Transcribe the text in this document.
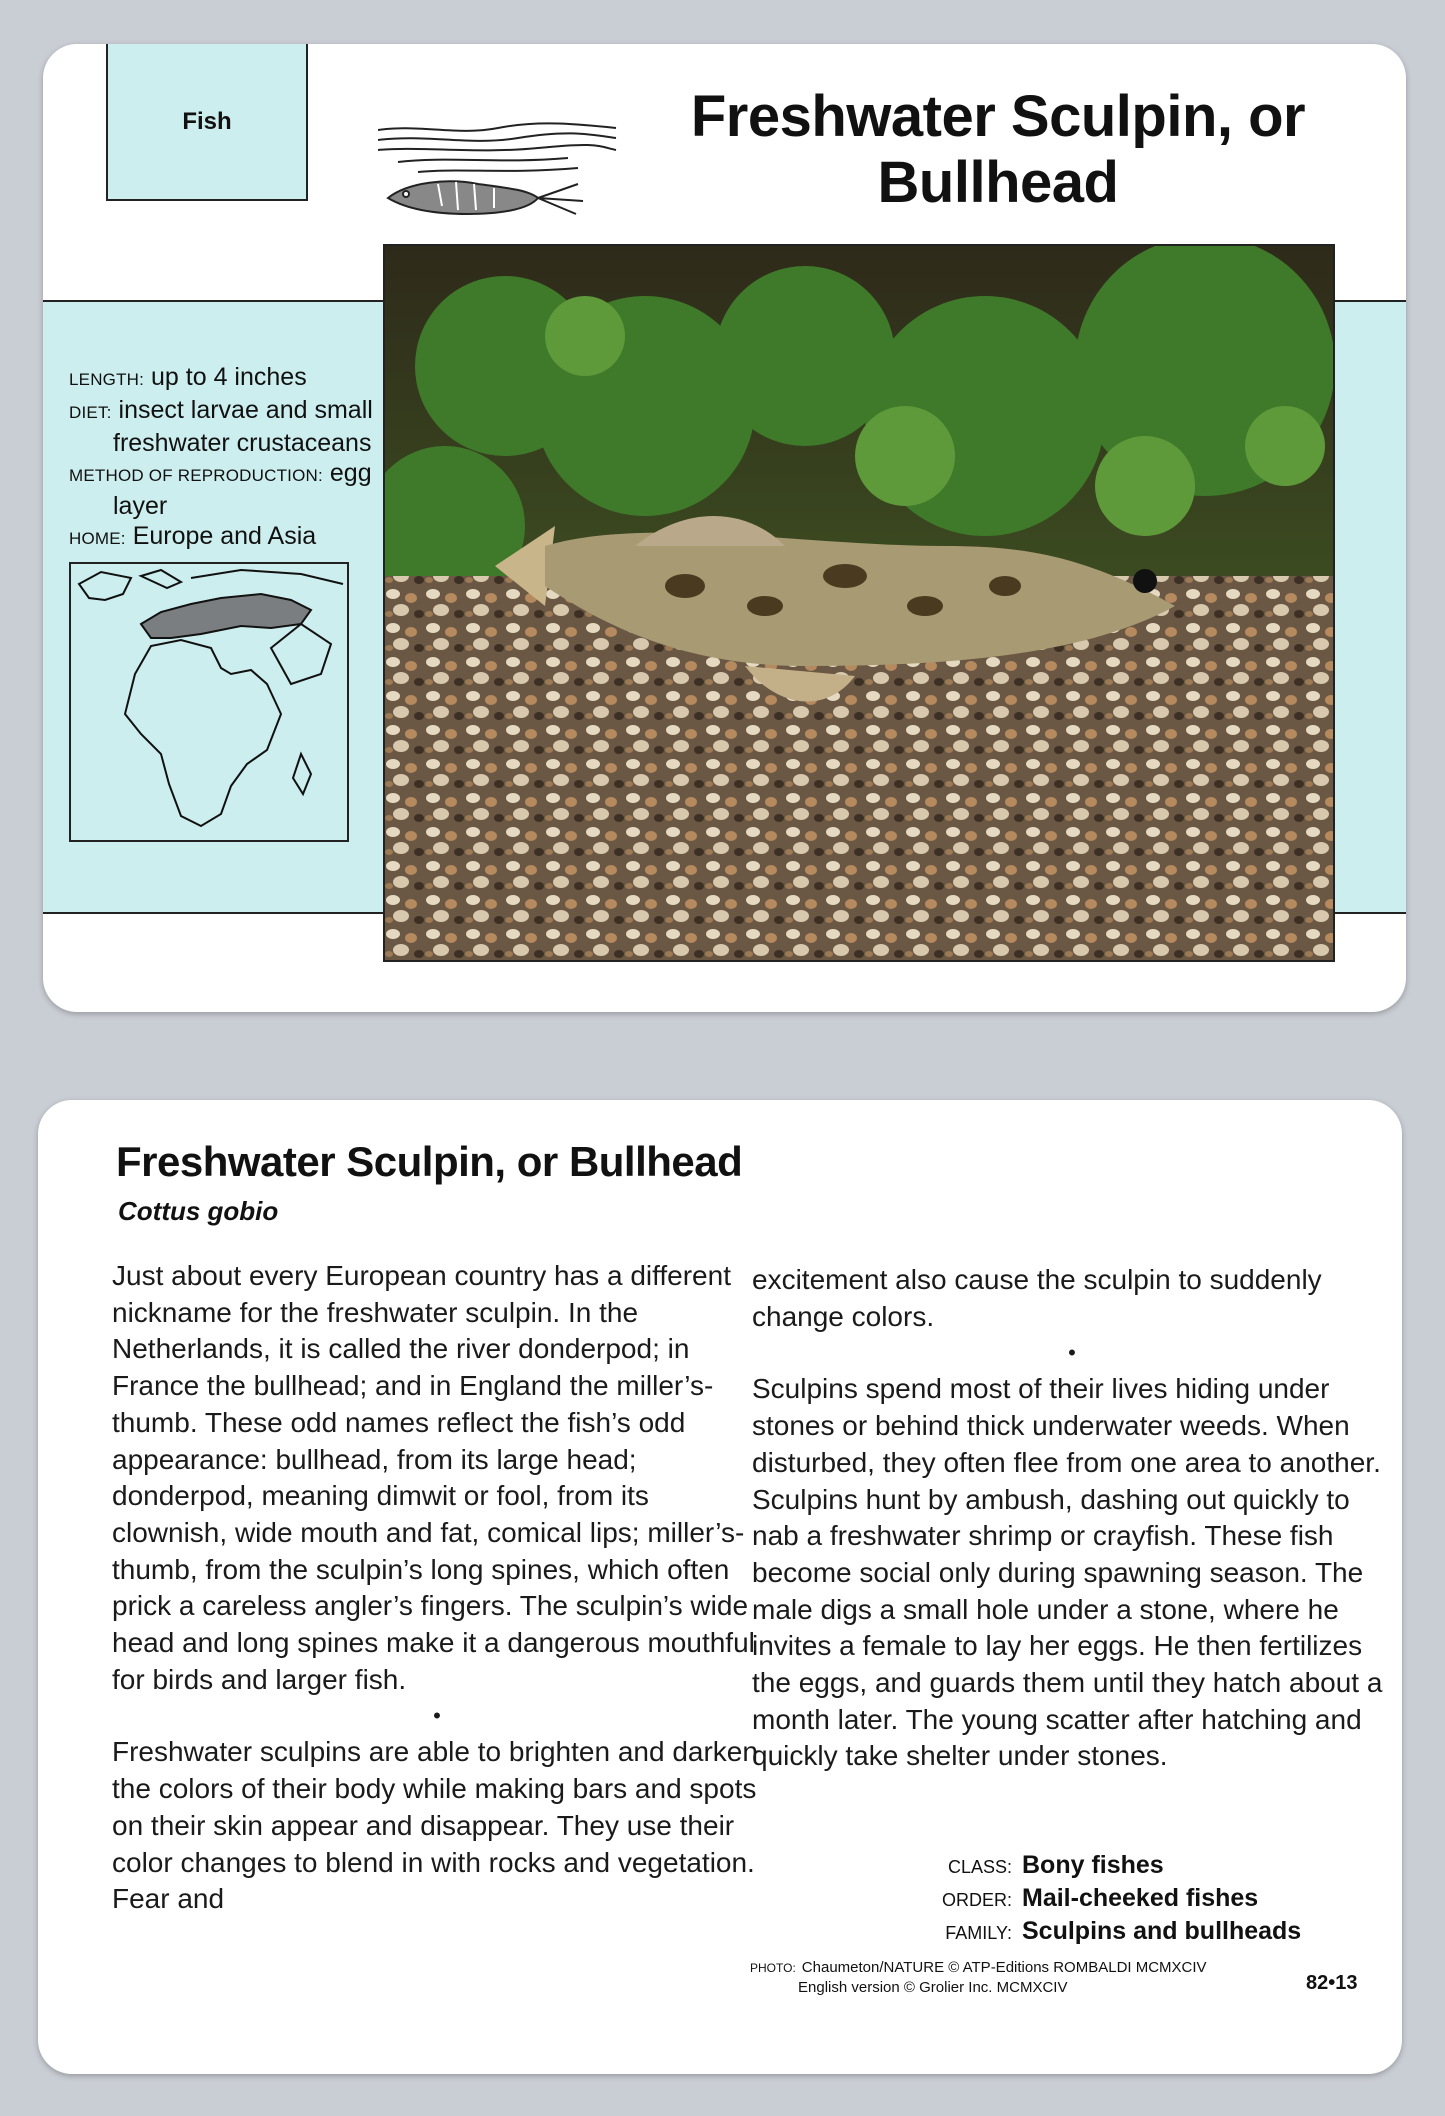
Fish	Freshwater Sculpin, or
Bullhead
LENGTH: up to 4 inches
DIET: insect larvae and small
freshwater crustaceans
METHOD OF REPRODUCTION: egg
layer
HOME: Europe and Asia
Freshwater Sculpin, or Bullhead
Cottus gobio

Just about every European country has a different nickname for the freshwater sculpin. In the Netherlands, it is called the river donderpod; in France the bullhead; and in England the miller’s-thumb. These odd names reflect the fish’s odd appearance: bullhead, from its large head; donderpod, meaning dimwit or fool, from its clownish, wide mouth and fat, comical lips; miller’s-thumb, from the sculpin’s long spines, which often prick a careless angler’s fingers. The sculpin’s wide head and long spines make it a dangerous mouthful for birds and larger fish.

•

Freshwater sculpins are able to brighten and darken the colors of their body while making bars and spots on their skin appear and disappear. They use their color changes to blend in with rocks and vegetation. Fear and

excitement also cause the sculpin to suddenly change colors.

•

Sculpins spend most of their lives hiding under stones or behind thick underwater weeds. When disturbed, they often flee from one area to another. Sculpins hunt by ambush, dashing out quickly to nab a freshwater shrimp or crayfish. These fish become social only during spawning season. The male digs a small hole under a stone, where he invites a female to lay her eggs. He then fertilizes the eggs, and guards them until they hatch about a month later. The young scatter after hatching and quickly take shelter under stones.

CLASS: Bony fishes
ORDER: Mail-cheeked fishes
FAMILY: Sculpins and bullheads
PHOTO: Chaumeton/NATURE © ATP-Editions ROMBALDI MCMXCIV
English version © Grolier Inc. MCMXCIV	82•13
